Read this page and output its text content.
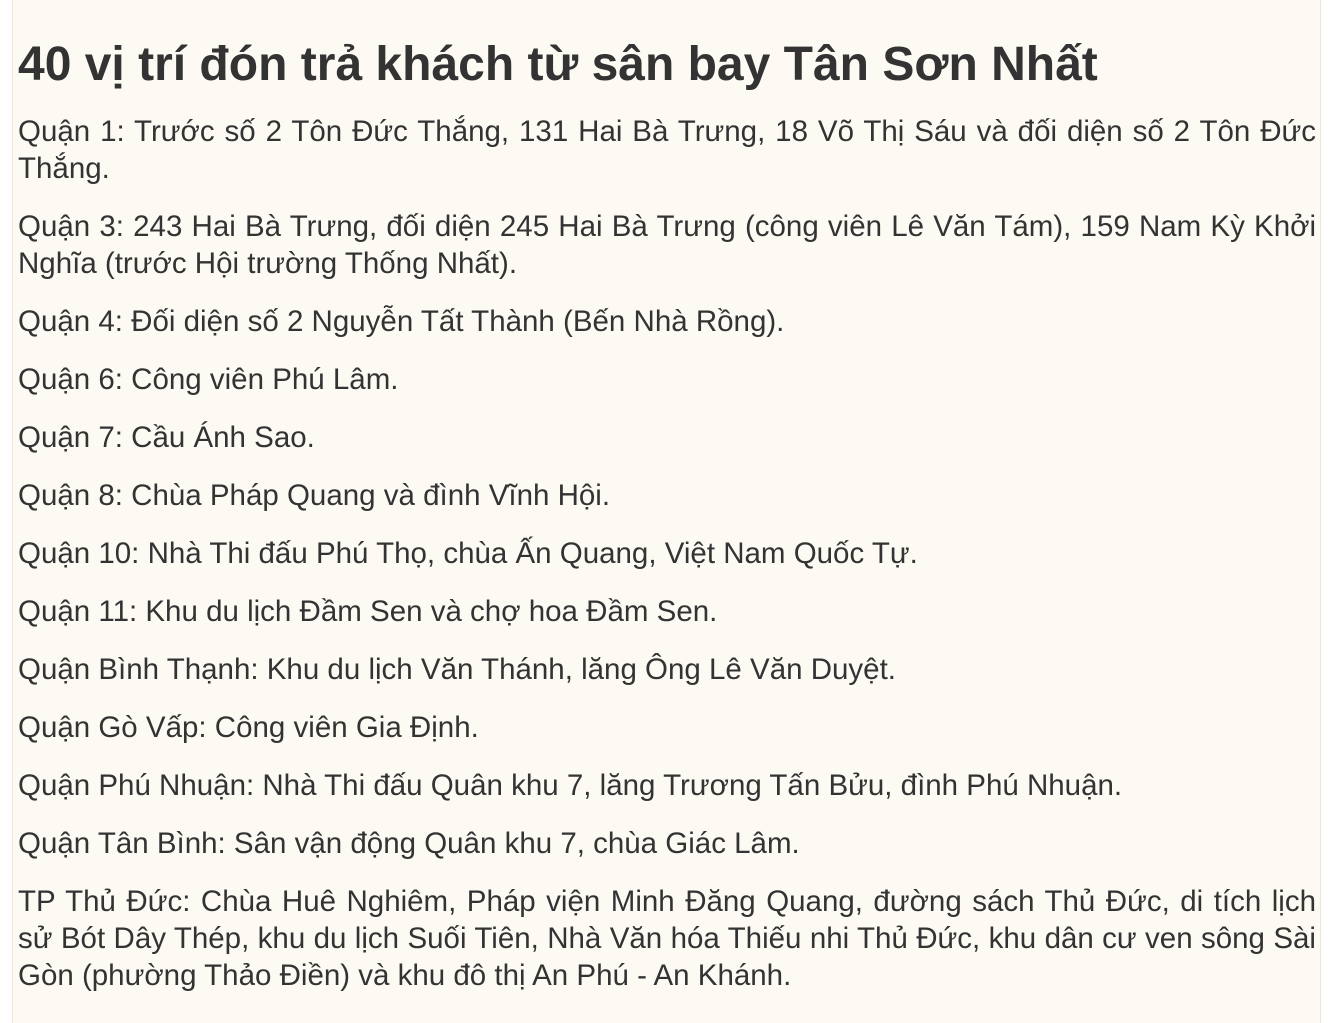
40 vị trí đón trả khách từ sân bay Tân Sơn Nhất

Quận 1: Trước số 2 Tôn Đức Thắng, 131 Hai Bà Trưng, 18 Võ Thị Sáu và đối diện số 2 Tôn Đức Thắng.

Quận 3: 243 Hai Bà Trưng, đối diện 245 Hai Bà Trưng (công viên Lê Văn Tám), 159 Nam Kỳ Khởi Nghĩa (trước Hội trường Thống Nhất).

Quận 4: Đối diện số 2 Nguyễn Tất Thành (Bến Nhà Rồng).

Quận 6: Công viên Phú Lâm.

Quận 7: Cầu Ánh Sao.

Quận 8: Chùa Pháp Quang và đình Vĩnh Hội.

Quận 10: Nhà Thi đấu Phú Thọ, chùa Ấn Quang, Việt Nam Quốc Tự.

Quận 11: Khu du lịch Đầm Sen và chợ hoa Đầm Sen.

Quận Bình Thạnh: Khu du lịch Văn Thánh, lăng Ông Lê Văn Duyệt.

Quận Gò Vấp: Công viên Gia Định.

Quận Phú Nhuận: Nhà Thi đấu Quân khu 7, lăng Trương Tấn Bửu, đình Phú Nhuận.

Quận Tân Bình: Sân vận động Quân khu 7, chùa Giác Lâm.

TP Thủ Đức: Chùa Huê Nghiêm, Pháp viện Minh Đăng Quang, đường sách Thủ Đức, di tích lịch sử Bót Dây Thép, khu du lịch Suối Tiên, Nhà Văn hóa Thiếu nhi Thủ Đức, khu dân cư ven sông Sài Gòn (phường Thảo Điền) và khu đô thị An Phú - An Khánh.
